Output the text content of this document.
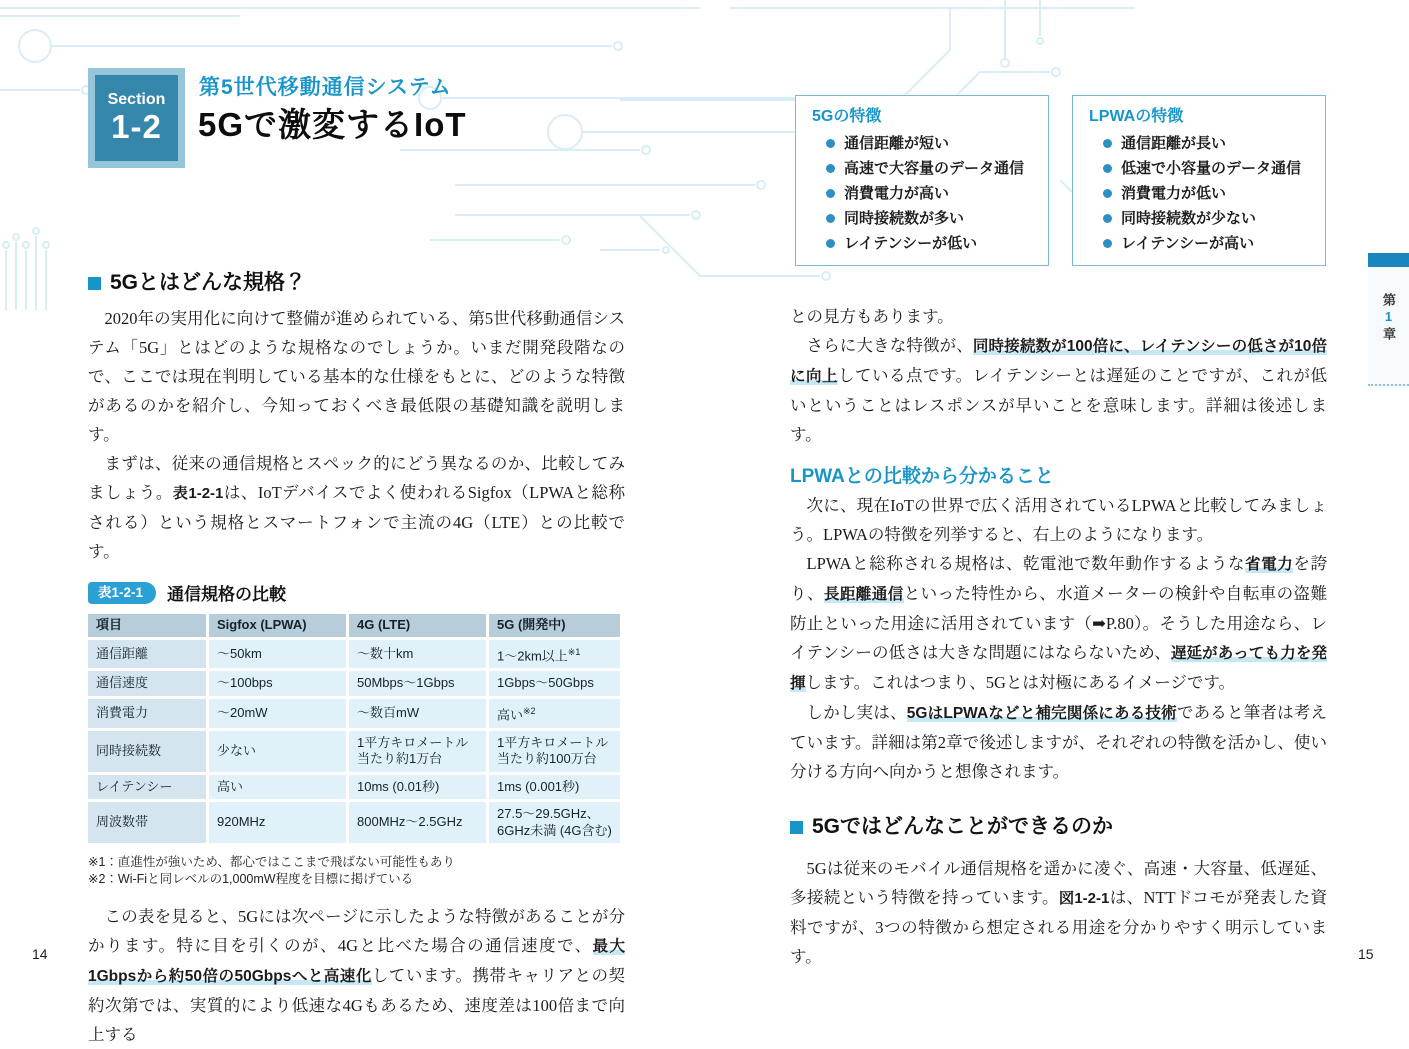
Section
1-2
第5世代移動通信システム
5Gで激変するIoT
5Gとはどんな規格？

2020年の実用化に向けて整備が進められている、第5世代移動通信システム「5G」とはどのような規格なのでしょうか。いまだ開発段階なので、ここでは現在判明している基本的な仕様をもとに、どのような特徴があるのかを紹介し、今知っておくべき最低限の基礎知識を説明します。

まずは、従来の通信規格とスペック的にどう異なるのか、比較してみましょう。表1-2-1は、IoTデバイスでよく使われるSigfox（LPWAと総称される）という規格とスマートフォンで主流の4G（LTE）との比較です。

表1-2-1	通信規格の比較
項目	Sigfox (LPWA)	4G (LTE)	5G (開発中)
通信距離	〜50km	〜数十km	1〜2km以上$^{※1}$
通信速度	〜100bps	50Mbps〜1Gbps	1Gbps〜50Gbps
消費電力	〜20mW	〜数百mW	高い$^{※2}$
同時接続数	少ない	1平方キロメートル当たり約1万台	1平方キロメートル当たり約100万台
レイテンシー	高い	10ms (0.01秒)	1ms (0.001秒)
周波数帯	920MHz	800MHz〜2.5GHz	27.5〜29.5GHz、6GHz未満 (4G含む)
※1：直進性が強いため、都心ではここまで飛ばない可能性もあり
※2：Wi-Fiと同レベルの1,000mW程度を目標に掲げている

この表を見ると、5Gには次ページに示したような特徴があることが分かります。特に目を引くのが、4Gと比べた場合の通信速度で、最大1Gbpsから約50倍の50Gbpsへと高速化しています。携帯キャリアとの契約次第では、実質的により低速な4Gもあるため、速度差は100倍まで向上する

14
5Gの特徴
通信距離が短い
高速で大容量のデータ通信
消費電力が高い
同時接続数が多い
レイテンシーが低い
LPWAの特徴
通信距離が長い
低速で小容量のデータ通信
消費電力が低い
同時接続数が少ない
レイテンシーが高い

との見方もあります。

さらに大きな特徴が、同時接続数が100倍に、レイテンシーの低さが10倍に向上している点です。レイテンシーとは遅延のことですが、これが低いということはレスポンスが早いことを意味します。詳細は後述します。

LPWAとの比較から分かること

次に、現在IoTの世界で広く活用されているLPWAと比較してみましょう。LPWAの特徴を列挙すると、右上のようになります。

LPWAと総称される規格は、乾電池で数年動作するような省電力を誇り、長距離通信といった特性から、水道メーターの検針や自転車の盗難防止といった用途に活用されています（➡P.80）。そうした用途なら、レイテンシーの低さは大きな問題にはならないため、遅延があっても力を発揮します。これはつまり、5Gとは対極にあるイメージです。

しかし実は、5GはLPWAなどと補完関係にある技術であると筆者は考えています。詳細は第2章で後述しますが、それぞれの特徴を活かし、使い分ける方向へ向かうと想像されます。

5Gではどんなことができるのか

5Gは従来のモバイル通信規格を遥かに凌ぐ、高速・大容量、低遅延、多接続という特徴を持っています。図1-2-1は、NTTドコモが発表した資料ですが、3つの特徴から想定される用途を分かりやすく明示しています。

第1章
15
